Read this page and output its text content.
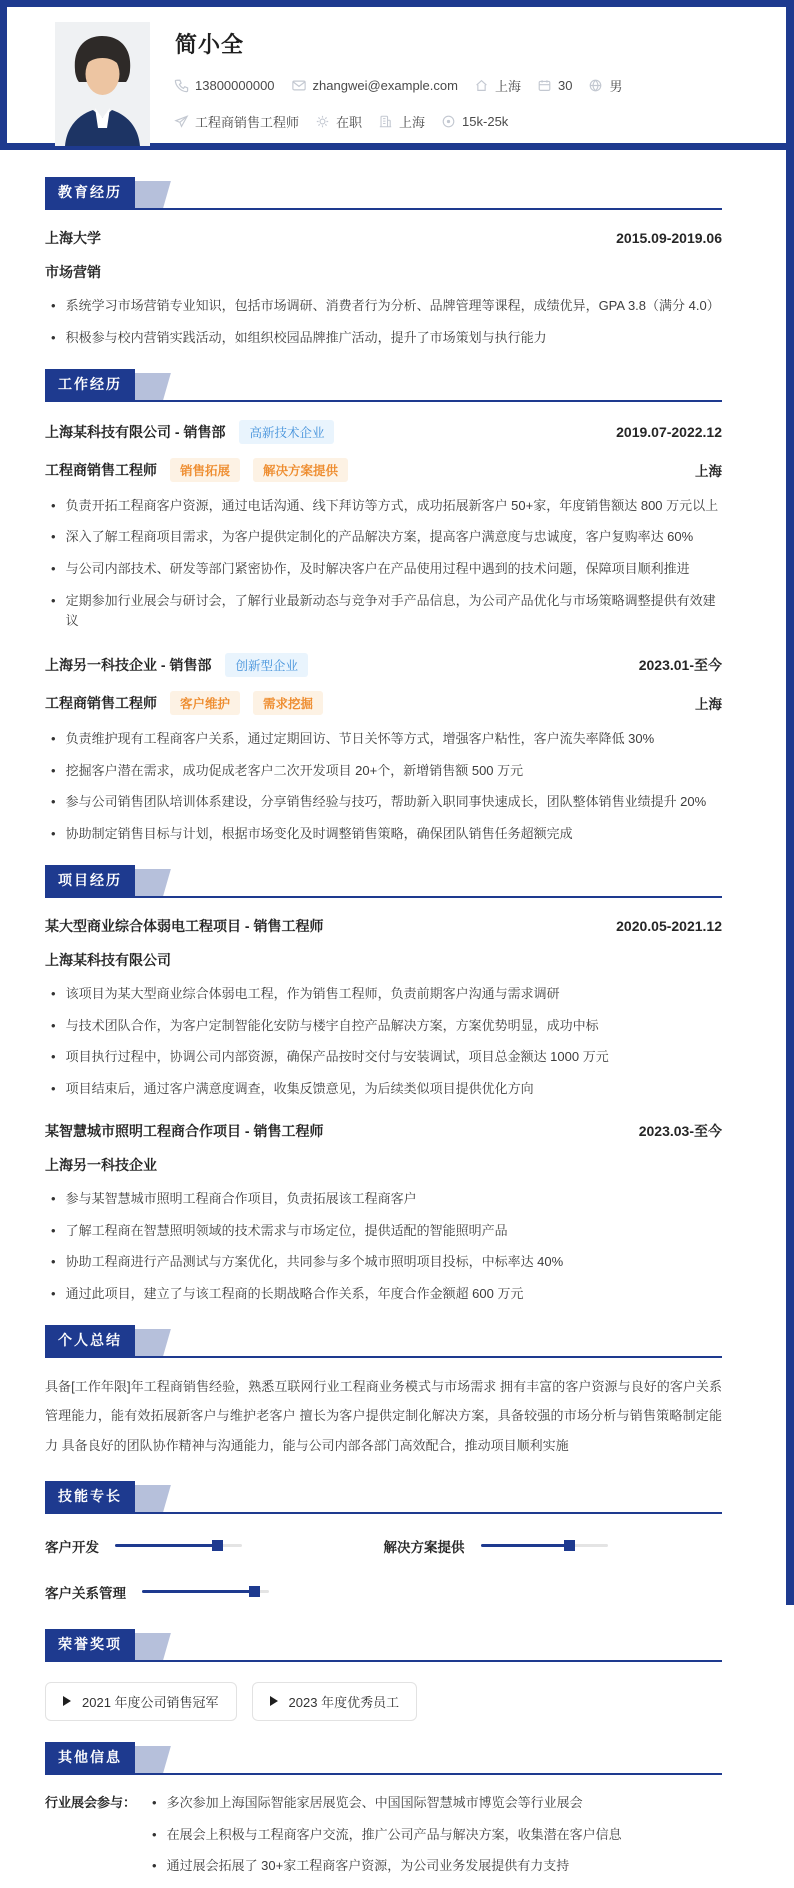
简小全
13800000000	zhangwei@example.com	上海	30	男
工程商销售工程师	在职	上海	15k-25k
教育经历
上海大学	2015.09-2019.06
市场营销
• 系统学习市场营销专业知识，包括市场调研、消费者行为分析、品牌管理等课程，成绩优异，GPA 3.8（满分 4.0）
• 积极参与校内营销实践活动，如组织校园品牌推广活动，提升了市场策划与执行能力
工作经历
上海某科技有限公司 - 销售部	高新技术企业	2019.07-2022.12
工程商销售工程师	销售拓展	解决方案提供	上海
• 负责开拓工程商客户资源，通过电话沟通、线下拜访等方式，成功拓展新客户 50+家，年度销售额达 800 万元以上
• 深入了解工程商项目需求，为客户提供定制化的产品解决方案，提高客户满意度与忠诚度，客户复购率达 60%
• 与公司内部技术、研发等部门紧密协作，及时解决客户在产品使用过程中遇到的技术问题，保障项目顺利推进
• 定期参加行业展会与研讨会，了解行业最新动态与竞争对手产品信息，为公司产品优化与市场策略调整提供有效建议
上海另一科技企业 - 销售部	创新型企业	2023.01-至今
工程商销售工程师	客户维护	需求挖掘	上海
• 负责维护现有工程商客户关系，通过定期回访、节日关怀等方式，增强客户粘性，客户流失率降低 30%
• 挖掘客户潜在需求，成功促成老客户二次开发项目 20+个，新增销售额 500 万元
• 参与公司销售团队培训体系建设，分享销售经验与技巧，帮助新入职同事快速成长，团队整体销售业绩提升 20%
• 协助制定销售目标与计划，根据市场变化及时调整销售策略，确保团队销售任务超额完成
项目经历
某大型商业综合体弱电工程项目 - 销售工程师	2020.05-2021.12
上海某科技有限公司
• 该项目为某大型商业综合体弱电工程，作为销售工程师，负责前期客户沟通与需求调研
• 与技术团队合作，为客户定制智能化安防与楼宇自控产品解决方案，方案优势明显，成功中标
• 项目执行过程中，协调公司内部资源，确保产品按时交付与安装调试，项目总金额达 1000 万元
• 项目结束后，通过客户满意度调查，收集反馈意见，为后续类似项目提供优化方向
某智慧城市照明工程商合作项目 - 销售工程师	2023.03-至今
上海另一科技企业
• 参与某智慧城市照明工程商合作项目，负责拓展该工程商客户
• 了解工程商在智慧照明领域的技术需求与市场定位，提供适配的智能照明产品
• 协助工程商进行产品测试与方案优化，共同参与多个城市照明项目投标，中标率达 40%
• 通过此项目，建立了与该工程商的长期战略合作关系，年度合作金额超 600 万元
个人总结
具备[工作年限]年工程商销售经验，熟悉互联网行业工程商业务模式与市场需求 拥有丰富的客户资源与良好的客户关系管理能力，能有效拓展新客户与维护老客户 擅长为客户提供定制化解决方案，具备较强的市场分析与销售策略制定能力 具备良好的团队协作精神与沟通能力，能与公司内部各部门高效配合，推动项目顺利实施
技能专长
客户开发	解决方案提供
客户关系管理
荣誉奖项
2021 年度公司销售冠军	2023 年度优秀员工
其他信息
行业展会参与：	• 多次参加上海国际智能家居展览会、中国国际智慧城市博览会等行业展会
• 在展会上积极与工程商客户交流，推广公司产品与解决方案，收集潜在客户信息
• 通过展会拓展了 30+家工程商客户资源，为公司业务发展提供有力支持
